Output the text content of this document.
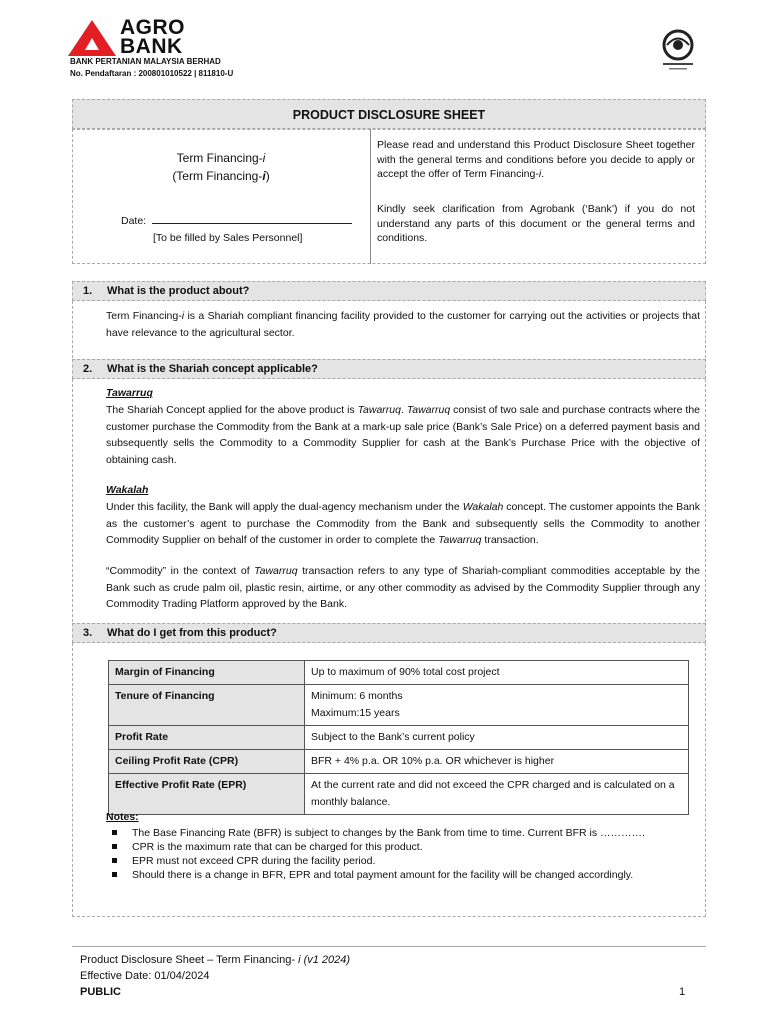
AGRO
BANK
BANK PERTANIAN MALAYSIA BERHAD
No. Pendaftaran : 200801010522 | 811810-U
PRODUCT DISCLOSURE SHEET
Term Financing-i
(Term Financing-i)
Date:
[To be filled by Sales Personnel]
Please read and understand this Product Disclosure Sheet together with the general terms and conditions before you decide to apply or accept the offer of Term Financing-i.
Kindly seek clarification from Agrobank (‘Bank’) if you do not understand any parts of this document or the general terms and conditions.
1. What is the product about?
Term Financing-i is a Shariah compliant financing facility provided to the customer for carrying out the activities or projects that have relevance to the agricultural sector.
2. What is the Shariah concept applicable?
Tawarruq
The Shariah Concept applied for the above product is Tawarruq. Tawarruq consist of two sale and purchase contracts where the customer purchase the Commodity from the Bank at a mark-up sale price (Bank’s Sale Price) on a deferred payment basis and subsequently sells the Commodity to a Commodity Supplier for cash at the Bank’s Purchase Price with the objective of obtaining cash.
Wakalah
Under this facility, the Bank will apply the dual-agency mechanism under the Wakalah concept. The customer appoints the Bank as the customer’s agent to purchase the Commodity from the Bank and subsequently sells the Commodity to another Commodity Supplier on behalf of the customer in order to complete the Tawarruq transaction.
“Commodity” in the context of Tawarruq transaction refers to any type of Shariah-compliant commodities acceptable by the Bank such as crude palm oil, plastic resin, airtime, or any other commodity as advised by the Commodity Supplier through any Commodity Trading Platform approved by the Bank.
3. What do I get from this product?
Margin of Financing	Up to maximum of 90% total cost project
Tenure of Financing	Minimum: 6 months
Maximum:15 years

Profit Rate	Subject to the Bank’s current policy
Ceiling Profit Rate (CPR)	BFR + 4% p.a. OR 10% p.a. OR whichever is higher
Effective Profit Rate (EPR)	At the current rate and did not exceed the CPR charged and is calculated on a monthly balance.
Notes:
The Base Financing Rate (BFR) is subject to changes by the Bank from time to time. Current BFR is ………….
CPR is the maximum rate that can be charged for this product.
EPR must not exceed CPR during the facility period.
Should there is a change in BFR, EPR and total payment amount for the facility will be changed accordingly.
Product Disclosure Sheet – Term Financing- i (v1 2024)
Effective Date: 01/04/2024
PUBLIC	1
